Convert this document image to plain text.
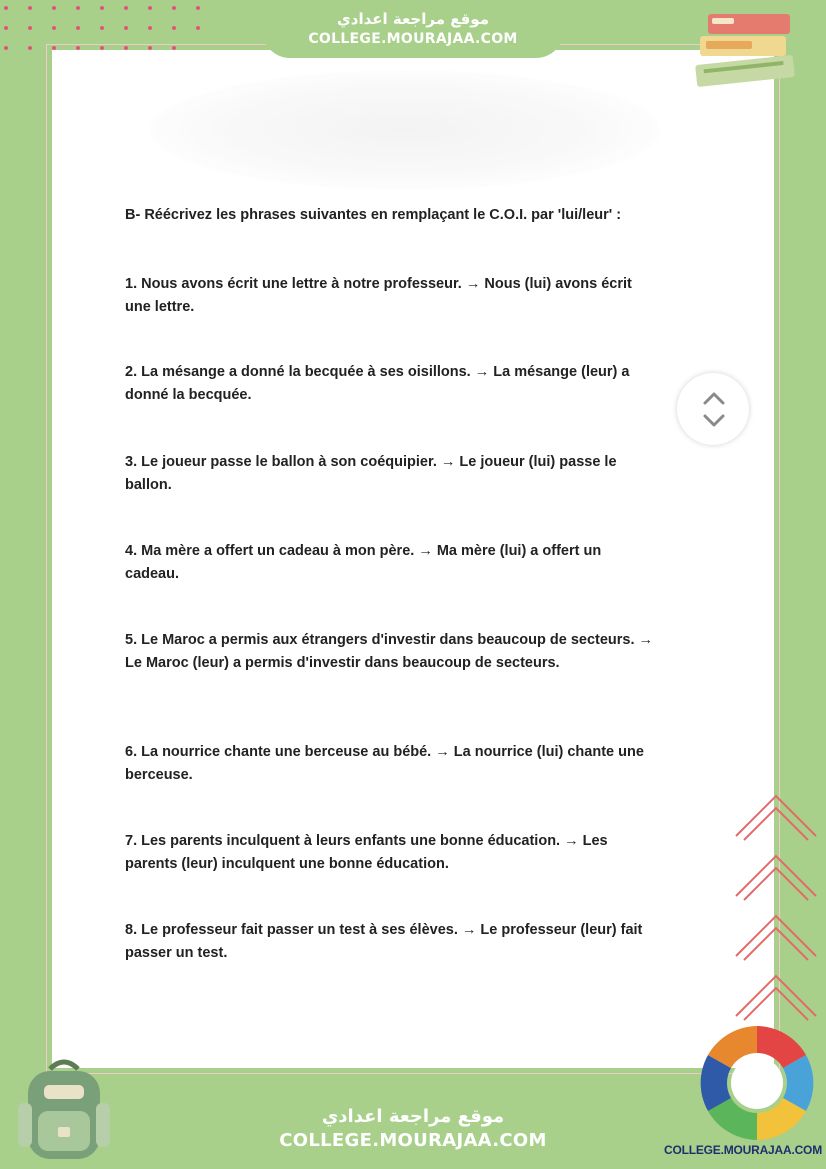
موقع مراجعة اعدادي
COLLEGE.MOURAJAA.COM

B- Réécrivez les phrases suivantes en remplaçant le C.O.I. par 'lui/leur' :

1. Nous avons écrit une lettre à notre professeur. → Nous (lui) avons écrit une lettre.

2. La mésange a donné la becquée à ses oisillons. → La mésange (leur) a donné la becquée.

3. Le joueur passe le ballon à son coéquipier. → Le joueur (lui) passe le ballon.

4. Ma mère a offert un cadeau à mon père. → Ma mère (lui) a offert un cadeau.

5. Le Maroc a permis aux étrangers d'investir dans beaucoup de secteurs. → Le Maroc (leur) a permis d'investir dans beaucoup de secteurs.

6. La nourrice chante une berceuse au bébé. → La nourrice (lui) chante une berceuse.

7. Les parents inculquent à leurs enfants une bonne éducation. → Les parents (leur) inculquent une bonne éducation.

8. Le professeur fait passer un test à ses élèves. → Le professeur (leur) fait passer un test.

موقع مراجعة اعدادي
COLLEGE.MOURAJAA.COM	COLLEGE.MOURAJAA.COM
